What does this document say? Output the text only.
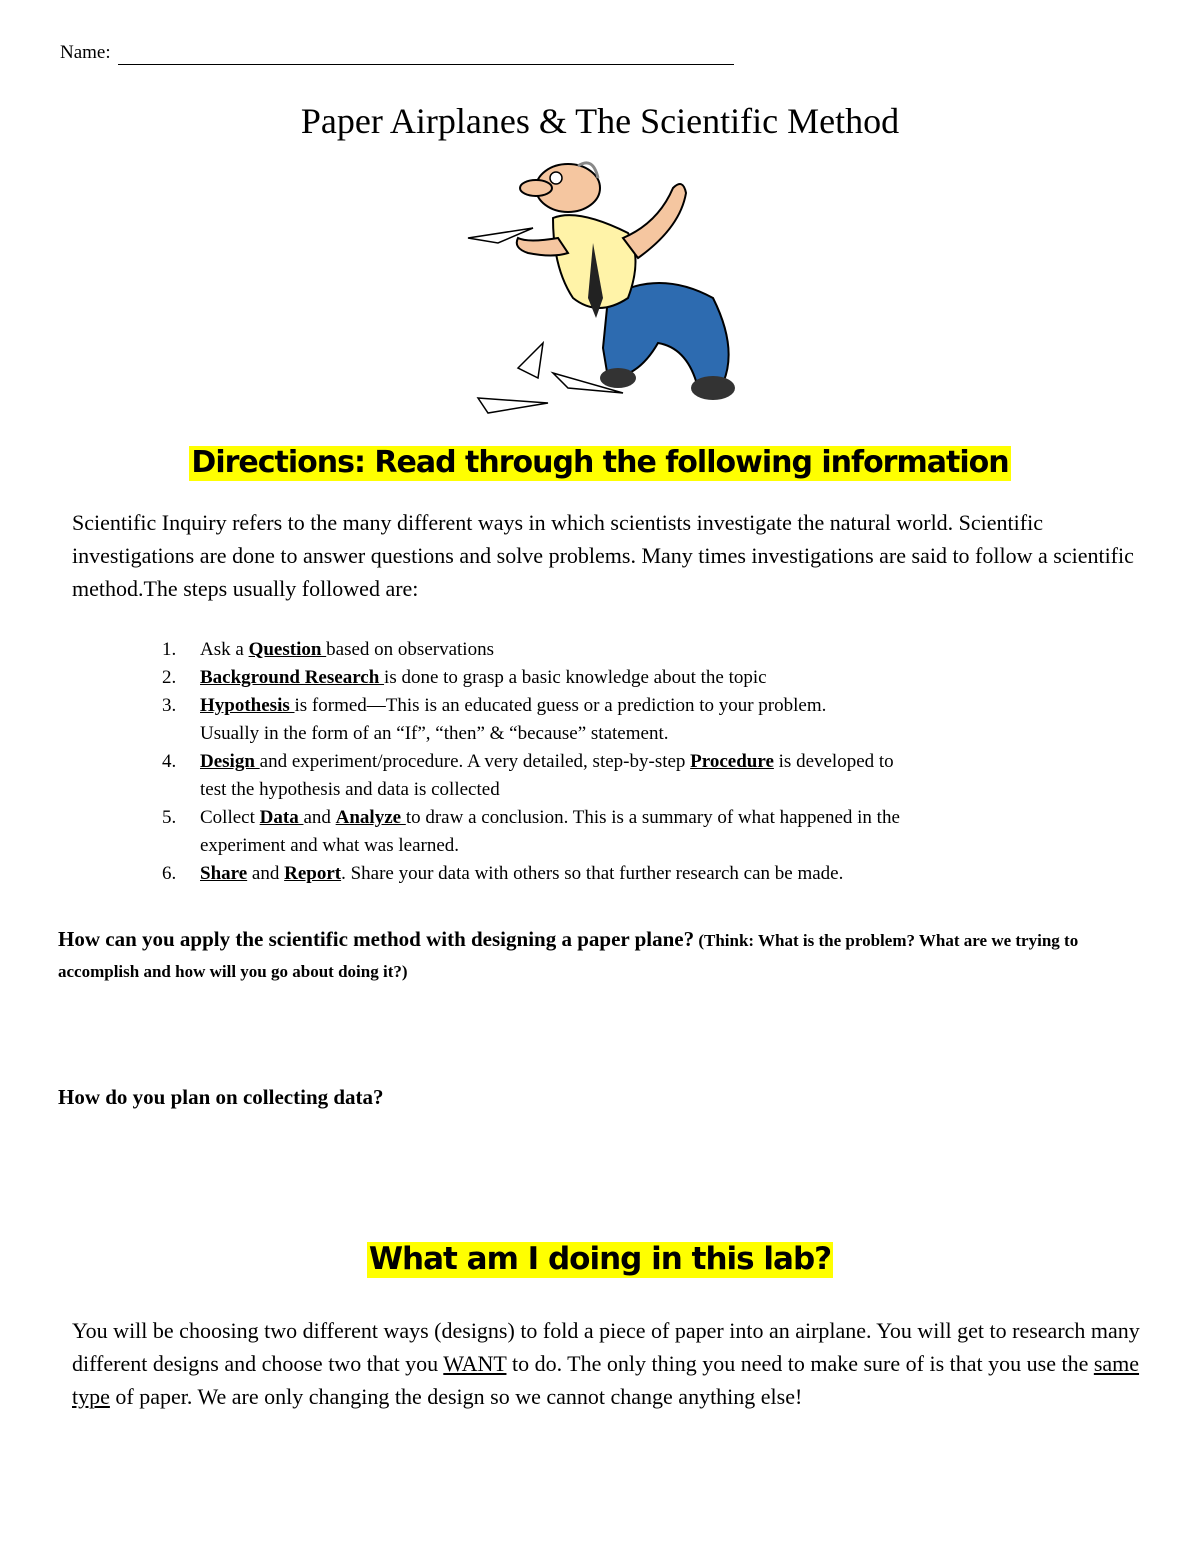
Name:
Paper Airplanes & The Scientific Method
Directions: Read through the following information
Scientific Inquiry refers to the many different ways in which scientists investigate the natural world. Scientific investigations are done to answer questions and solve problems. Many times investigations are said to follow a scientific method.The steps usually followed are:
1.	Ask a Question based on observations
2.	Background Research is done to grasp a basic knowledge about the topic
3.	Hypothesis is formed—This is an educated guess or a prediction to your problem.
Usually in the form of an “If”, “then” & “because” statement.
4.	Design and experiment/procedure. A very detailed, step-by-step Procedure is developed to
test the hypothesis and data is collected
5.	Collect Data and Analyze to draw a conclusion. This is a summary of what happened in the
experiment and what was learned.
6.	Share and Report. Share your data with others so that further research can be made.
How can you apply the scientific method with designing a paper plane? (Think: What is the problem? What are we trying to accomplish and how will you go about doing it?)
How do you plan on collecting data?
What am I doing in this lab?
You will be choosing two different ways (designs) to fold a piece of paper into an airplane. You will get to research many different designs and choose two that you WANT to do. The only thing you need to make sure of is that you use the same type of paper. We are only changing the design so we cannot change anything else!
